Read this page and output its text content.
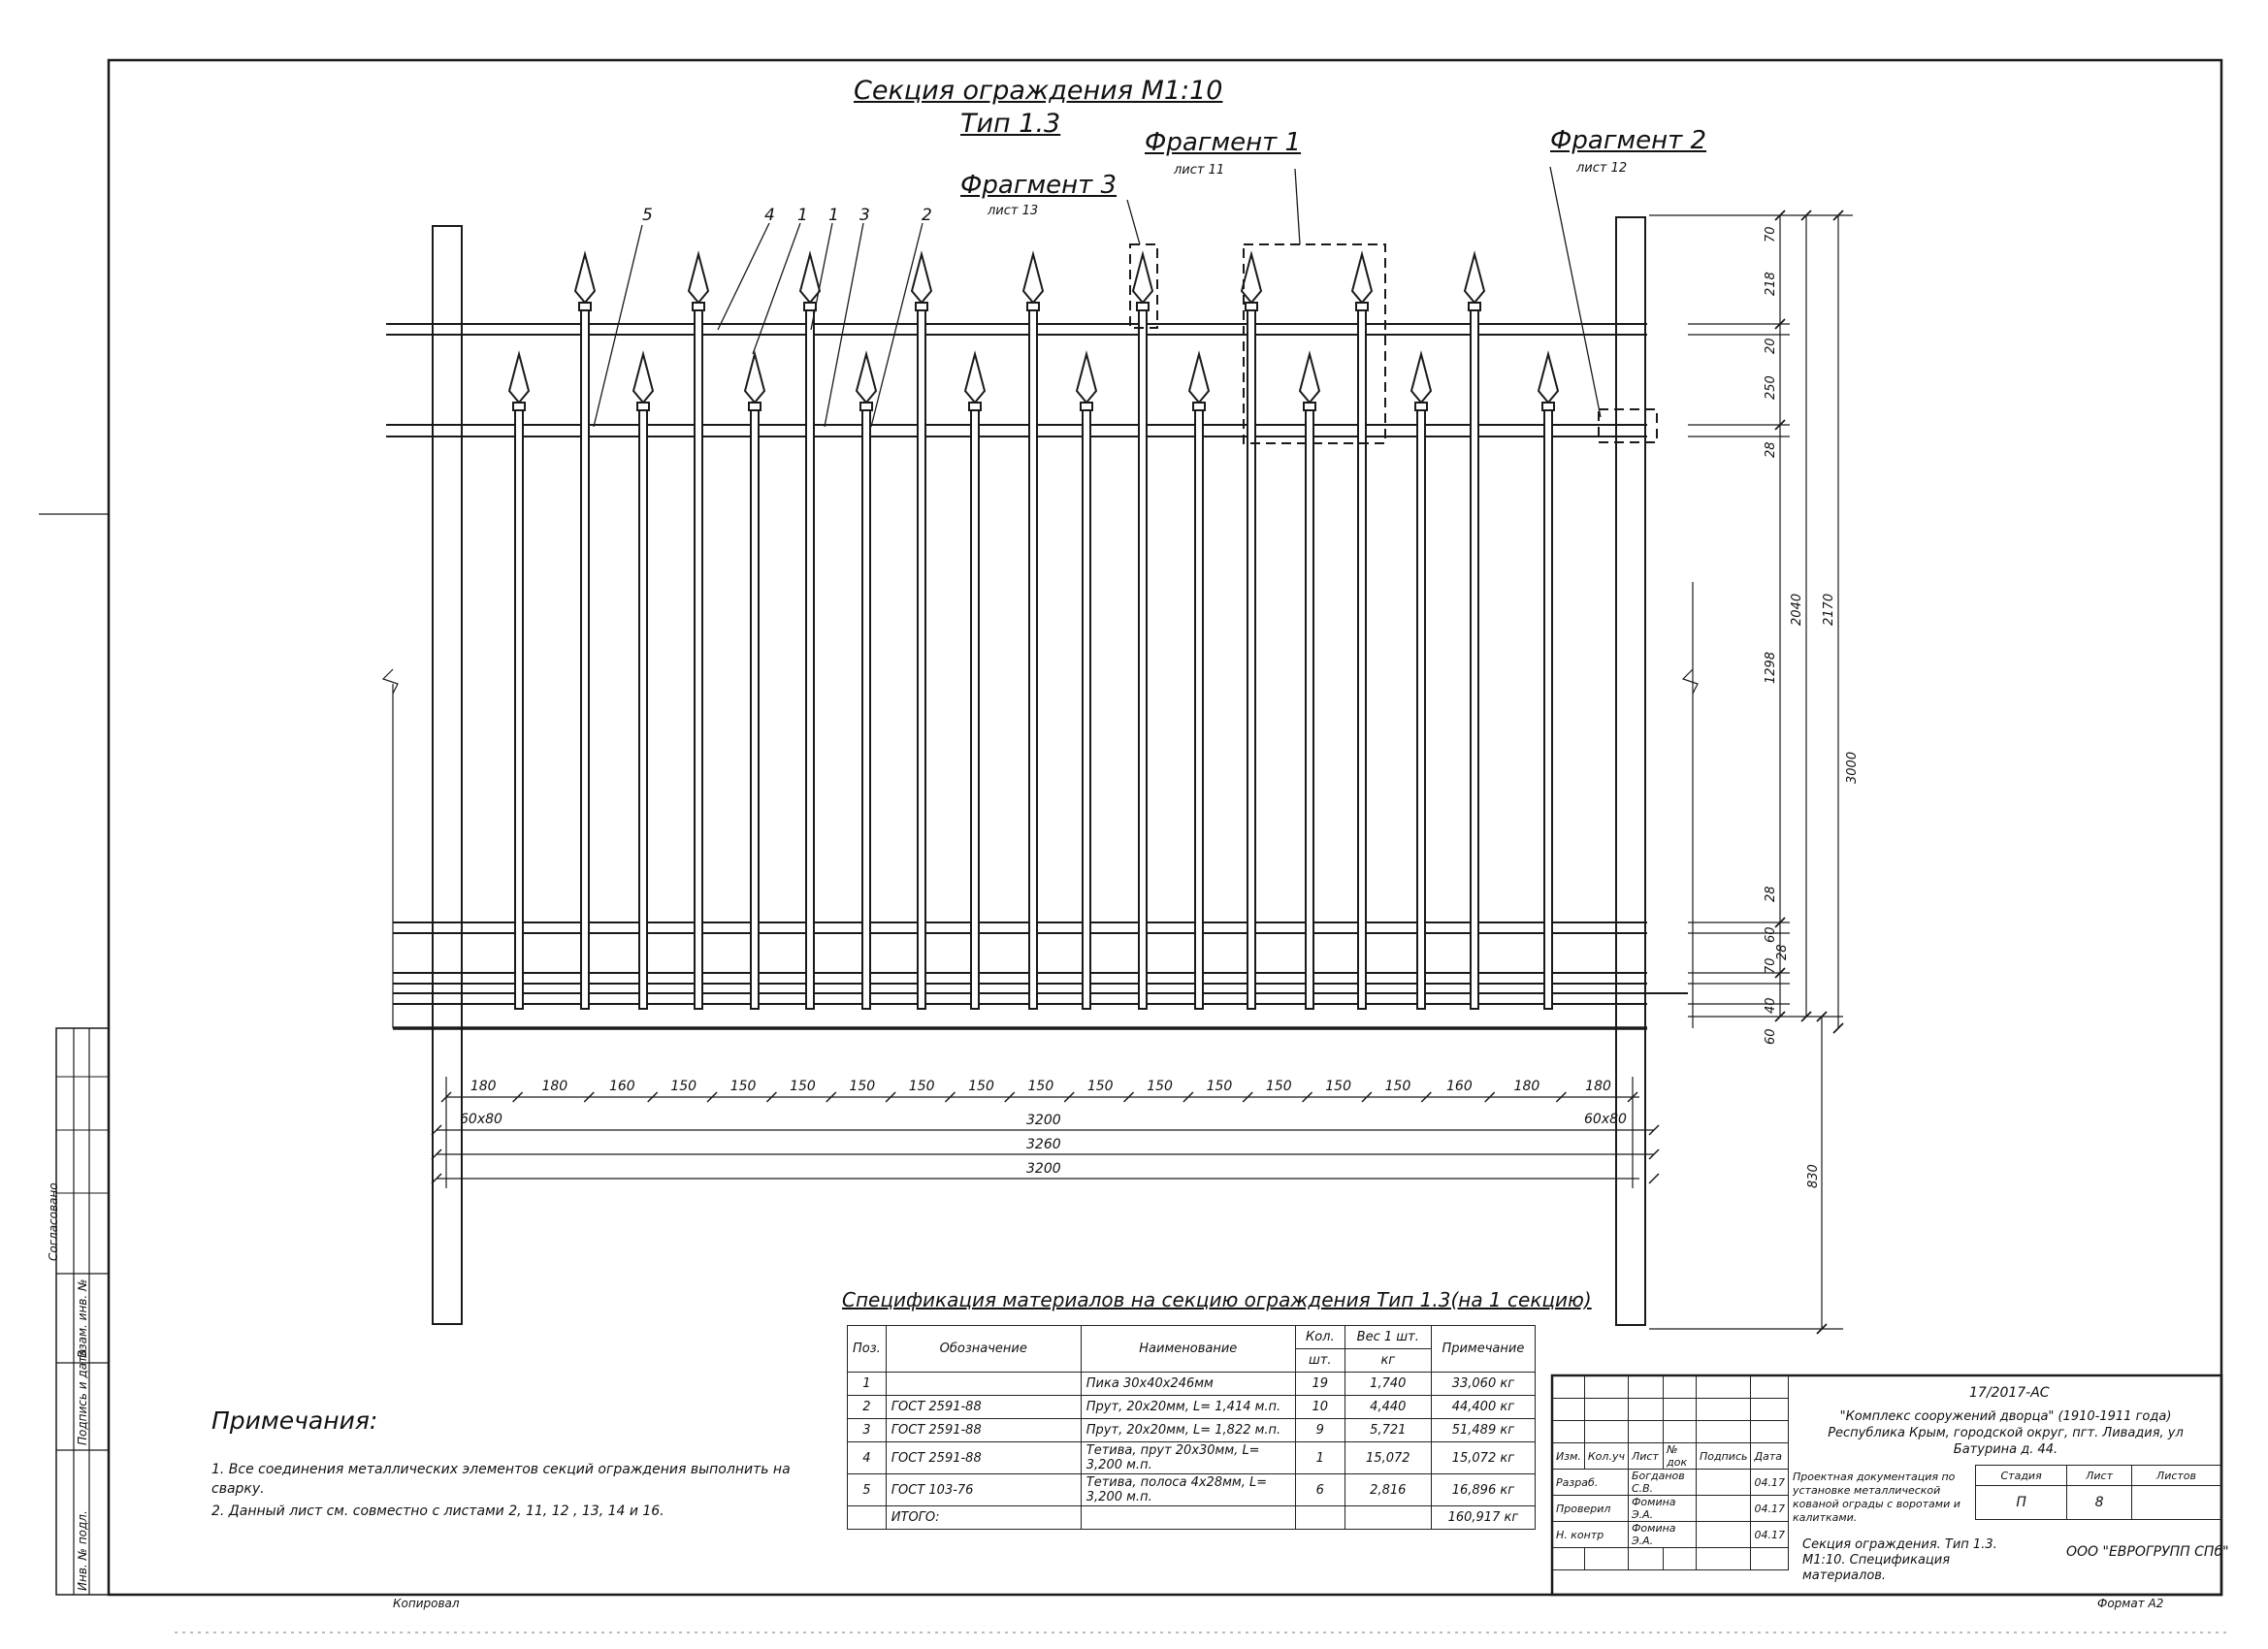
Секция ограждения М1:10
Тип 1.3
Фрагмент 1
лист 11
Фрагмент 2
лист 12
Фрагмент 3
лист 13
5	4 1 1 3	2
180	180	160	150 150 150 150 150 150 150 150 150 150 150 150 150	160	180	180
60x80	60x80
3200
3260
3200
70
218
20
250
28
1298
2040 2170
3000
28
60
70
28
40
60
830
Примечания:
1. Все соединения металлических элементов секций ограждения выполнить на сварку.
2. Данный лист см. совместно с листами 2, 11, 12 , 13, 14 и 16.
Спецификация материалов на секцию ограждения Тип 1.3(на 1 секцию)
Поз.	Обозначение	Наименование	Кол.	Вес 1 шт.	Примечание
			шт.	кг	
1		Пика 30x40x246мм	19	1,740	33,060 кг
2	ГОСТ 2591-88	Прут, 20x20мм, L= 1,414 м.п.	10	4,440	44,400 кг
3	ГОСТ 2591-88	Прут, 20x20мм, L= 1,822 м.п.	9	5,721	51,489 кг
4	ГОСТ 2591-88	Тетива, прут 20x30мм, L= 3,200 м.п.	1	15,072	15,072 кг
5	ГОСТ 103-76	Тетива, полоса 4x28мм, L= 3,200 м.п.	6	2,816	16,896 кг
	ИТОГО:				160,917 кг

Изм.	Кол.уч	Лист	№ док	Подпись	Дата
Разраб.		Богданов С.В.			04.17
Проверил		Фомина Э.А.			04.17
Н. контр		Фомина Э.А.			04.17

17/2017-АС
"Комплекс сооружений дворца" (1910-1911 года) Республика Крым, городской округ, пгт. Ливадия, ул Батурина д. 44.
Проектная документация по установке металлической кованой ограды с воротами и калитками.
Стадия	Лист	Листов
П	8	
Секция ограждения. Тип 1.3. М1:10. Спецификация материалов.
ООО "ЕВРОГРУПП СПб"
Формат А2
Копировал
Согласовано
Взам. инв. №
Подпись и дата
Инв. № подл.
